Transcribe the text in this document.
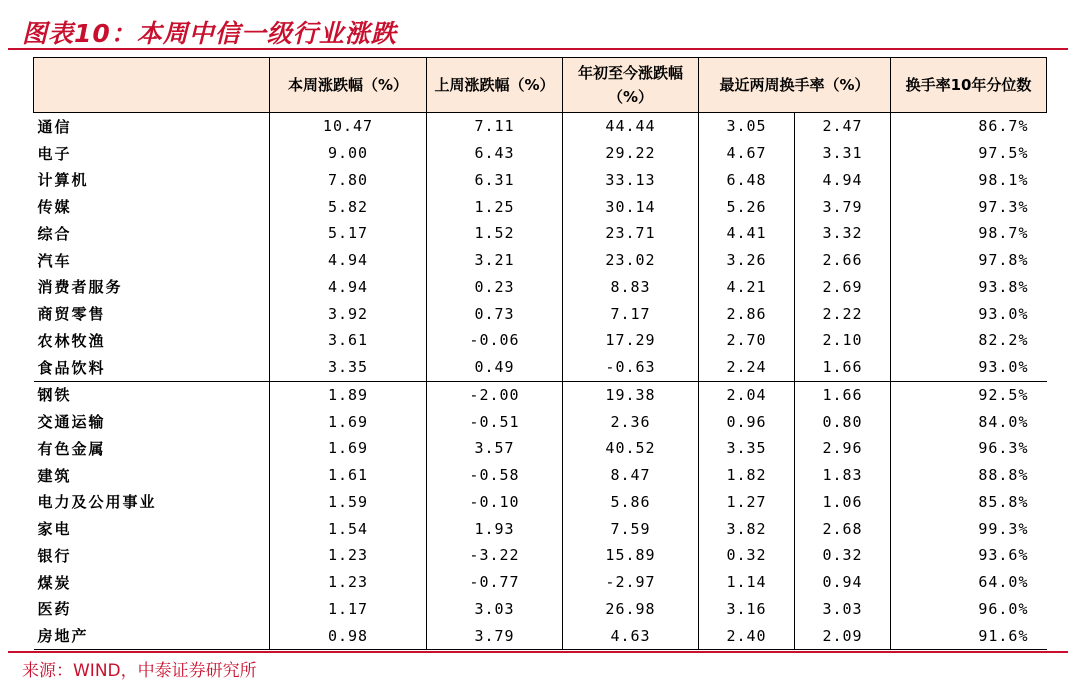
图表10：本周中信一级行业涨跌
	本周涨跌幅（%）	上周涨跌幅（%）	年初至今涨跌幅（%）	最近两周换手率（%）		换手率10年分位数
通信	10.47	7.11	44.44	3.05	2.47	86.7%
电子	9.00	6.43	29.22	4.67	3.31	97.5%
计算机	7.80	6.31	33.13	6.48	4.94	98.1%
传媒	5.82	1.25	30.14	5.26	3.79	97.3%
综合	5.17	1.52	23.71	4.41	3.32	98.7%
汽车	4.94	3.21	23.02	3.26	2.66	97.8%
消费者服务	4.94	0.23	8.83	4.21	2.69	93.8%
商贸零售	3.92	0.73	7.17	2.86	2.22	93.0%
农林牧渔	3.61	-0.06	17.29	2.70	2.10	82.2%
食品饮料	3.35	0.49	-0.63	2.24	1.66	93.0%
钢铁	1.89	-2.00	19.38	2.04	1.66	92.5%
交通运输	1.69	-0.51	2.36	0.96	0.80	84.0%
有色金属	1.69	3.57	40.52	3.35	2.96	96.3%
建筑	1.61	-0.58	8.47	1.82	1.83	88.8%
电力及公用事业	1.59	-0.10	5.86	1.27	1.06	85.8%
家电	1.54	1.93	7.59	3.82	2.68	99.3%
银行	1.23	-3.22	15.89	0.32	0.32	93.6%
煤炭	1.23	-0.77	-2.97	1.14	0.94	64.0%
医药	1.17	3.03	26.98	3.16	3.03	96.0%
房地产	0.98	3.79	4.63	2.40	2.09	91.6%
来源：WIND，中泰证券研究所
